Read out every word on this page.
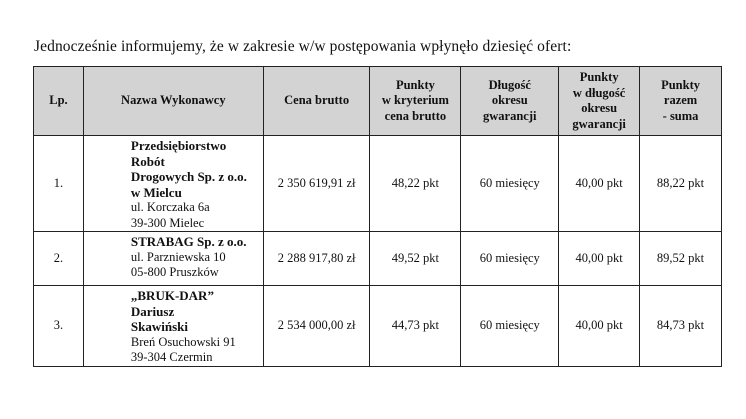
Jednocześnie informujemy, że w zakresie w/w postępowania wpłynęło dziesięć ofert:

Lp.	Nazwa Wykonawcy	Cena brutto	Punkty
w kryterium
cena brutto	Długość
okresu
gwarancji	Punkty
w długość
okresu
gwarancji	Punkty razem
- suma
1.	Przedsiębiorstwo Robót
Drogowych Sp. z o.o.
w Mielcu
ul. Korczaka 6a
39-300 Mielec	2 350 619,91 zł	48,22 pkt	60 miesięcy	40,00 pkt	88,22 pkt
2.	STRABAG Sp. z o.o.
ul. Parzniewska 10
05-800 Pruszków	2 288 917,80 zł	49,52 pkt	60 miesięcy	40,00 pkt	89,52 pkt
3.	„BRUK-DAR” Dariusz
Skawiński
Breń Osuchowski 91
39-304 Czermin	2 534 000,00 zł	44,73 pkt	60 miesięcy	40,00 pkt	84,73 pkt
